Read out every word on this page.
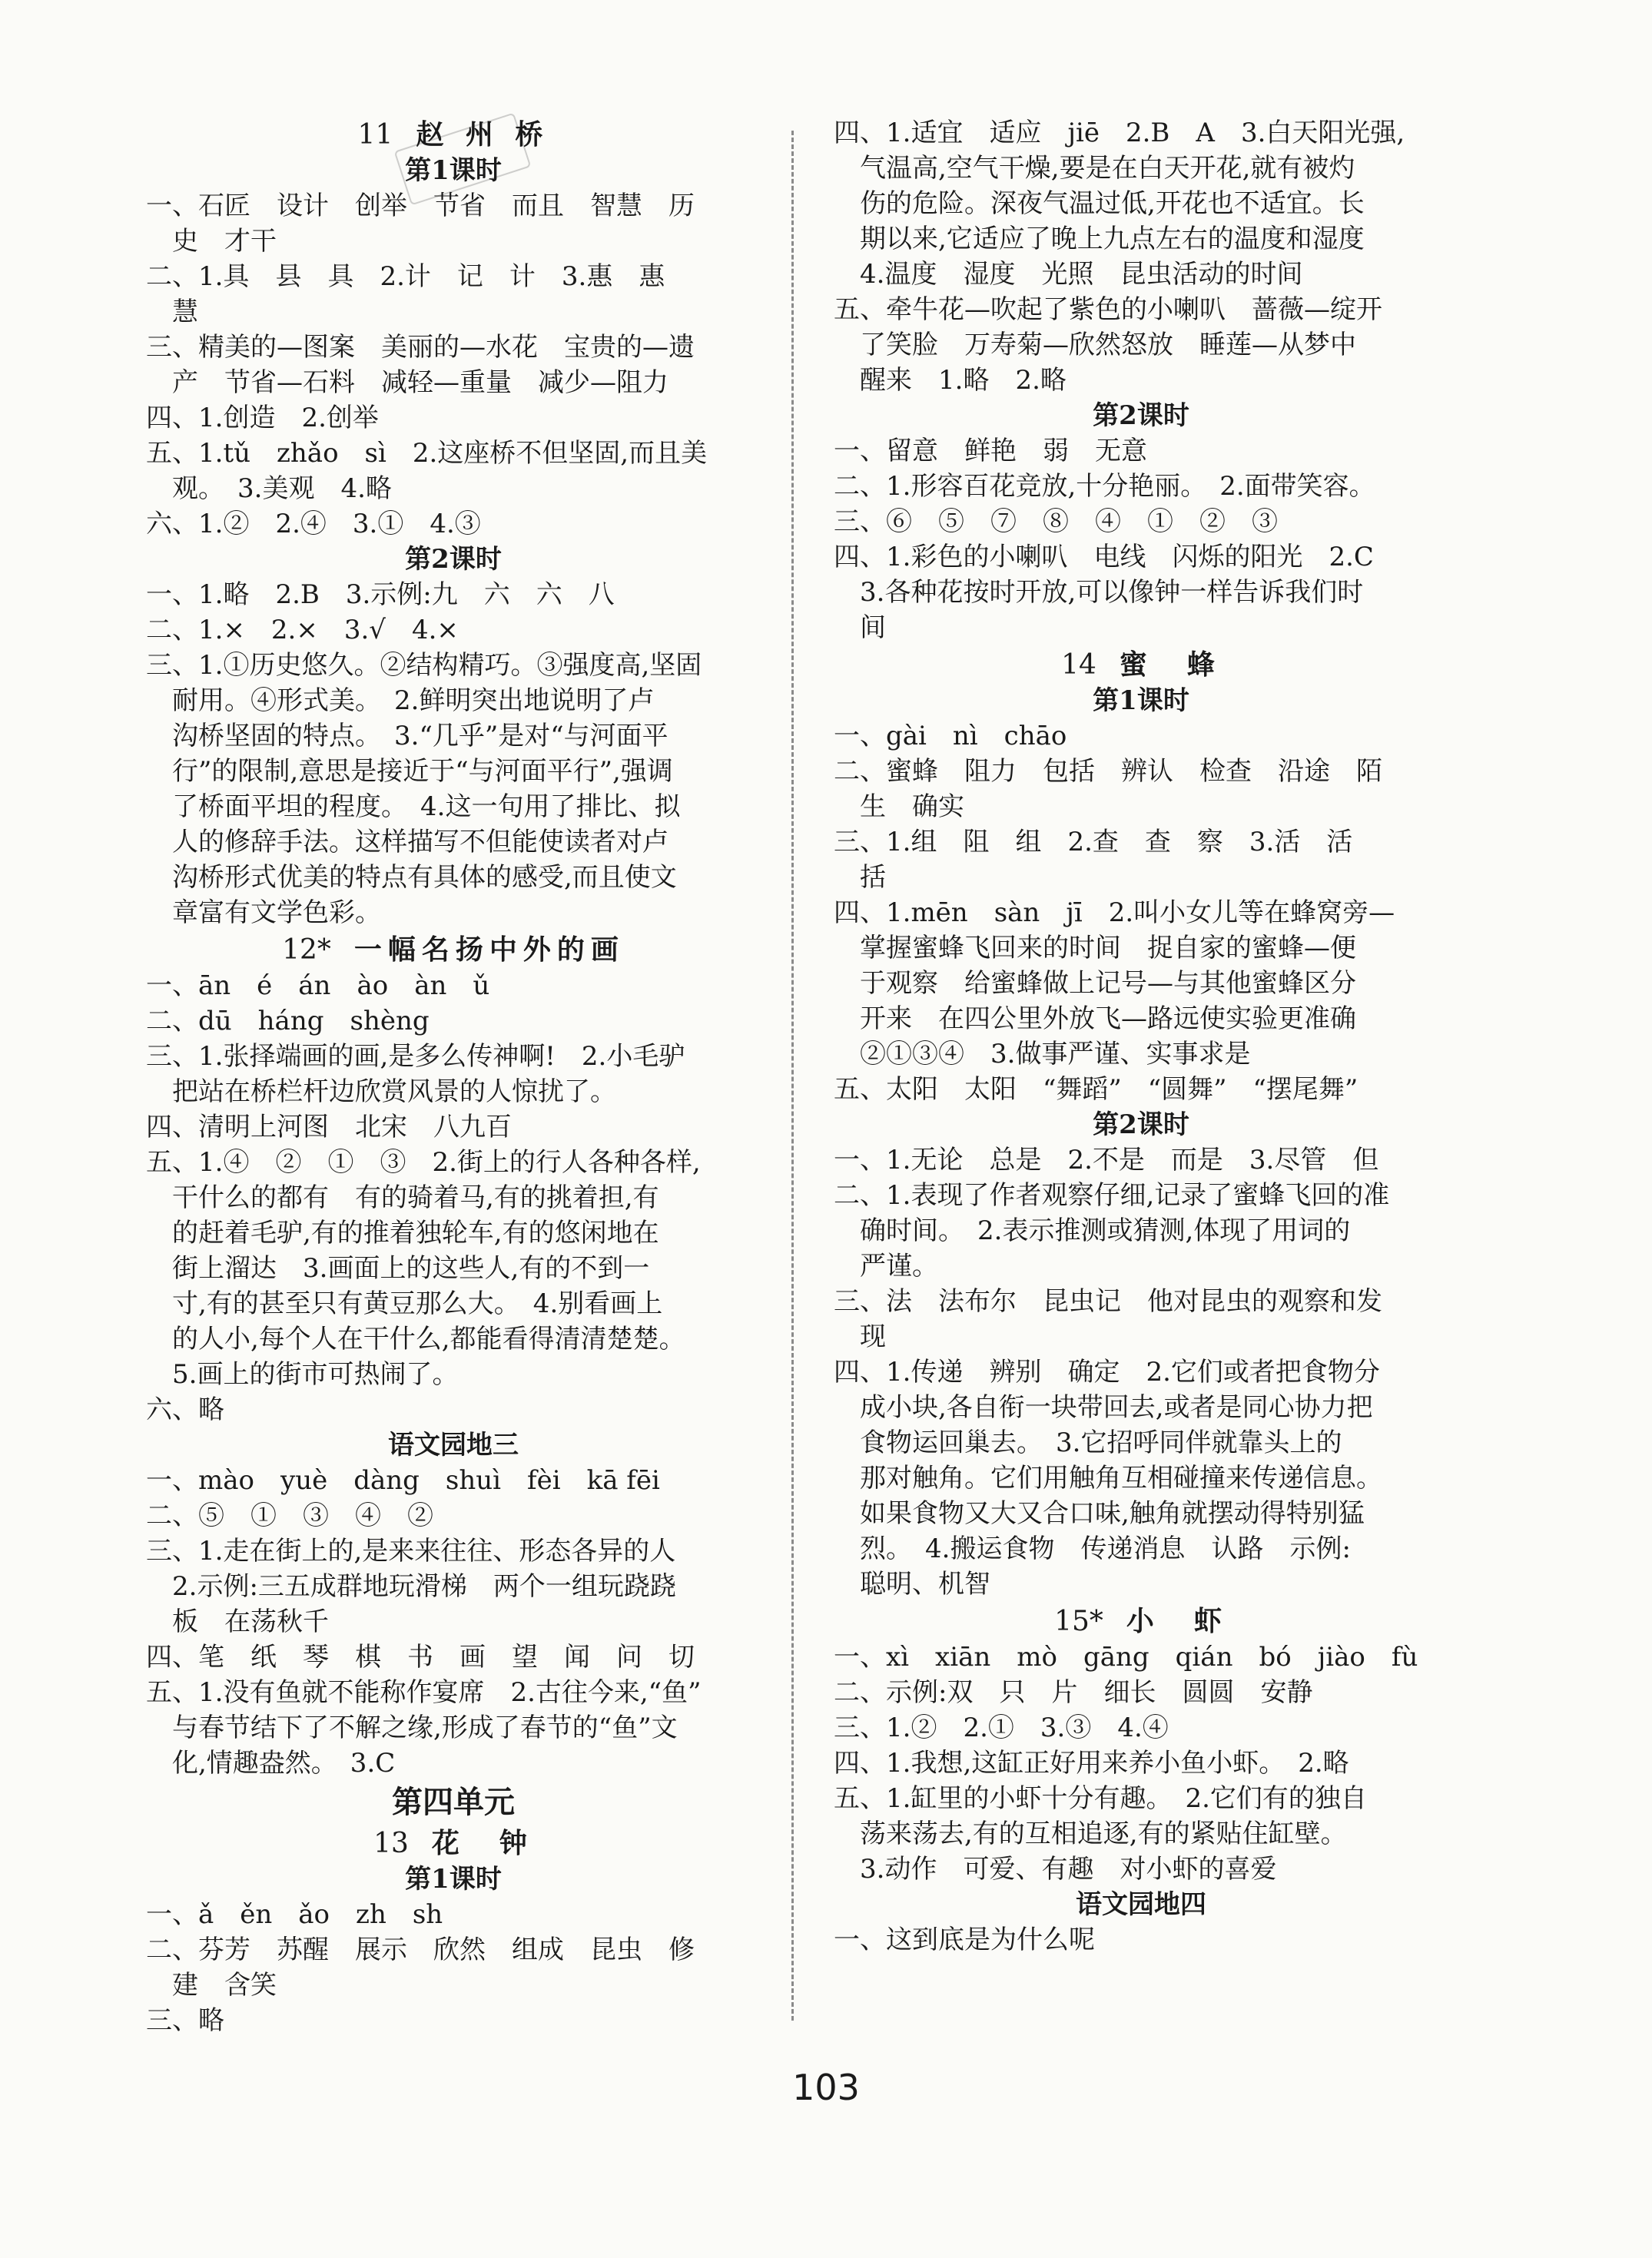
11 赵 州 桥
第1课时
一、石匠　设计　创举　节省　而且　智慧　历
史　才干
二、1.具　县　具　2.计　记　计　3.惠　惠
慧
三、精美的—图案　美丽的—水花　宝贵的—遗
产　节省—石料　减轻—重量　减少—阻力
四、1.创造　2.创举
五、1.tǔ　zhǎo　sì　2.这座桥不但坚固,而且美
观。　3.美观　4.略
六、1.②　2.④　3.①　4.③
第2课时
一、1.略　2.B　3.示例:九　六　六　八
二、1.×　2.×　3.√　4.×
三、1.①历史悠久。②结构精巧。③强度高,坚固
耐用。④形式美。　2.鲜明突出地说明了卢
沟桥坚固的特点。　3.“几乎”是对“与河面平
行”的限制,意思是接近于“与河面平行”,强调
了桥面平坦的程度。　4.这一句用了排比、拟
人的修辞手法。这样描写不但能使读者对卢
沟桥形式优美的特点有具体的感受,而且使文
章富有文学色彩。
12* 一幅名扬中外的画
一、ān　é　án　ào　àn　ǔ
二、dū　háng　shèng
三、1.张择端画的画,是多么传神啊!　2.小毛驴
把站在桥栏杆边欣赏风景的人惊扰了。
四、清明上河图　北宋　八九百
五、1.④　②　①　③　2.街上的行人各种各样,
干什么的都有　有的骑着马,有的挑着担,有
的赶着毛驴,有的推着独轮车,有的悠闲地在
街上溜达　3.画面上的这些人,有的不到一
寸,有的甚至只有黄豆那么大。　4.别看画上
的人小,每个人在干什么,都能看得清清楚楚。
5.画上的街市可热闹了。
六、略
语文园地三
一、mào　yuè　dàng　shuì　fèi　kā fēi
二、⑤　①　③　④　②
三、1.走在街上的,是来来往往、形态各异的人
2.示例:三五成群地玩滑梯　两个一组玩跷跷
板　在荡秋千
四、笔　纸　琴　棋　书　画　望　闻　问　切
五、1.没有鱼就不能称作宴席　2.古往今来,“鱼”
与春节结下了不解之缘,形成了春节的“鱼”文
化,情趣盎然。　3.C
第四单元
13 花　钟
第1课时
一、ǎ　ěn　ǎo　zh　sh
二、芬芳　苏醒　展示　欣然　组成　昆虫　修
建　含笑
三、略
四、1.适宜　适应　jiē　2.B　A　3.白天阳光强,
气温高,空气干燥,要是在白天开花,就有被灼
伤的危险。深夜气温过低,开花也不适宜。长
期以来,它适应了晚上九点左右的温度和湿度
4.温度　湿度　光照　昆虫活动的时间
五、牵牛花—吹起了紫色的小喇叭　蔷薇—绽开
了笑脸　万寿菊—欣然怒放　睡莲—从梦中
醒来　1.略　2.略
第2课时
一、留意　鲜艳　弱　无意
二、1.形容百花竞放,十分艳丽。　2.面带笑容。
三、⑥　⑤　⑦　⑧　④　①　②　③
四、1.彩色的小喇叭　电线　闪烁的阳光　2.C
3.各种花按时开放,可以像钟一样告诉我们时
间
14 蜜　蜂
第1课时
一、gài　nì　chāo
二、蜜蜂　阻力　包括　辨认　检查　沿途　陌
生　确实
三、1.组　阻　组　2.查　查　察　3.活　活
括
四、1.mēn　sàn　jī　2.叫小女儿等在蜂窝旁—
掌握蜜蜂飞回来的时间　捉自家的蜜蜂—便
于观察　给蜜蜂做上记号—与其他蜜蜂区分
开来　在四公里外放飞—路远使实验更准确
②①③④　3.做事严谨、实事求是
五、太阳　太阳　“舞蹈”　“圆舞”　“摆尾舞”
第2课时
一、1.无论　总是　2.不是　而是　3.尽管　但
二、1.表现了作者观察仔细,记录了蜜蜂飞回的准
确时间。　2.表示推测或猜测,体现了用词的
严谨。
三、法　法布尔　昆虫记　他对昆虫的观察和发
现
四、1.传递　辨别　确定　2.它们或者把食物分
成小块,各自衔一块带回去,或者是同心协力把
食物运回巢去。　3.它招呼同伴就靠头上的
那对触角。它们用触角互相碰撞来传递信息。
如果食物又大又合口味,触角就摆动得特别猛
烈。　4.搬运食物　传递消息　认路　示例:
聪明、机智
15* 小　虾
一、xì　xiān　mò　gāng　qián　bó　jiào　fù
二、示例:双　只　片　细长　圆圆　安静
三、1.②　2.①　3.③　4.④
四、1.我想,这缸正好用来养小鱼小虾。　2.略
五、1.缸里的小虾十分有趣。　2.它们有的独自
荡来荡去,有的互相追逐,有的紧贴住缸壁。
3.动作　可爱、有趣　对小虾的喜爱
语文园地四
一、这到底是为什么呢
103
